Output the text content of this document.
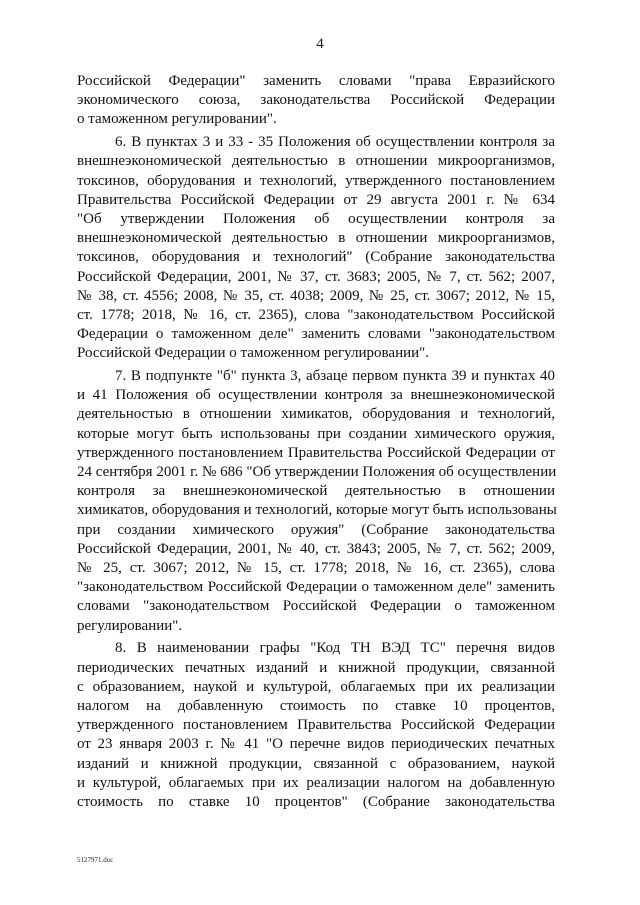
4

Российской Федерации" заменить словами "права Евразийского
экономического союза, законодательства Российской Федерации
о таможенном регулировании".

6. В пунктах 3 и 33 - 35 Положения об осуществлении контроля за
внешнеэкономической деятельностью в отношении микроорганизмов,
токсинов, оборудования и технологий, утвержденного постановлением
Правительства Российской Федерации от 29 августа 2001 г. № 634
"Об утверждении Положения об осуществлении контроля за
внешнеэкономической деятельностью в отношении микроорганизмов,
токсинов, оборудования и технологий" (Собрание законодательства
Российской Федерации, 2001, № 37, ст. 3683; 2005, № 7, ст. 562; 2007,
№ 38, ст. 4556; 2008, № 35, ст. 4038; 2009, № 25, ст. 3067; 2012, № 15,
ст. 1778; 2018, № 16, ст. 2365), слова "законодательством Российской
Федерации о таможенном деле" заменить словами "законодательством
Российской Федерации о таможенном регулировании".

7. В подпункте "б" пункта 3, абзаце первом пункта 39 и пунктах 40
и 41 Положения об осуществлении контроля за внешнеэкономической
деятельностью в отношении химикатов, оборудования и технологий,
которые могут быть использованы при создании химического оружия,
утвержденного постановлением Правительства Российской Федерации от
24 сентября 2001 г. № 686 "Об утверждении Положения об осуществлении
контроля за внешнеэкономической деятельностью в отношении
химикатов, оборудования и технологий, которые могут быть использованы
при создании химического оружия" (Собрание законодательства
Российской Федерации, 2001, № 40, ст. 3843; 2005, № 7, ст. 562; 2009,
№ 25, ст. 3067; 2012, № 15, ст. 1778; 2018, № 16, ст. 2365), слова
"законодательством Российской Федерации о таможенном деле" заменить
словами "законодательством Российской Федерации о таможенном
регулировании".

8. В наименовании графы "Код ТН ВЭД ТС" перечня видов
периодических печатных изданий и книжной продукции, связанной
с образованием, наукой и культурой, облагаемых при их реализации
налогом на добавленную стоимость по ставке 10 процентов,
утвержденного постановлением Правительства Российской Федерации
от 23 января 2003 г. № 41 "О перечне видов периодических печатных
изданий и книжной продукции, связанной с образованием, наукой
и культурой, облагаемых при их реализации налогом на добавленную
стоимость по ставке 10 процентов" (Собрание законодательства

5127971.doc
